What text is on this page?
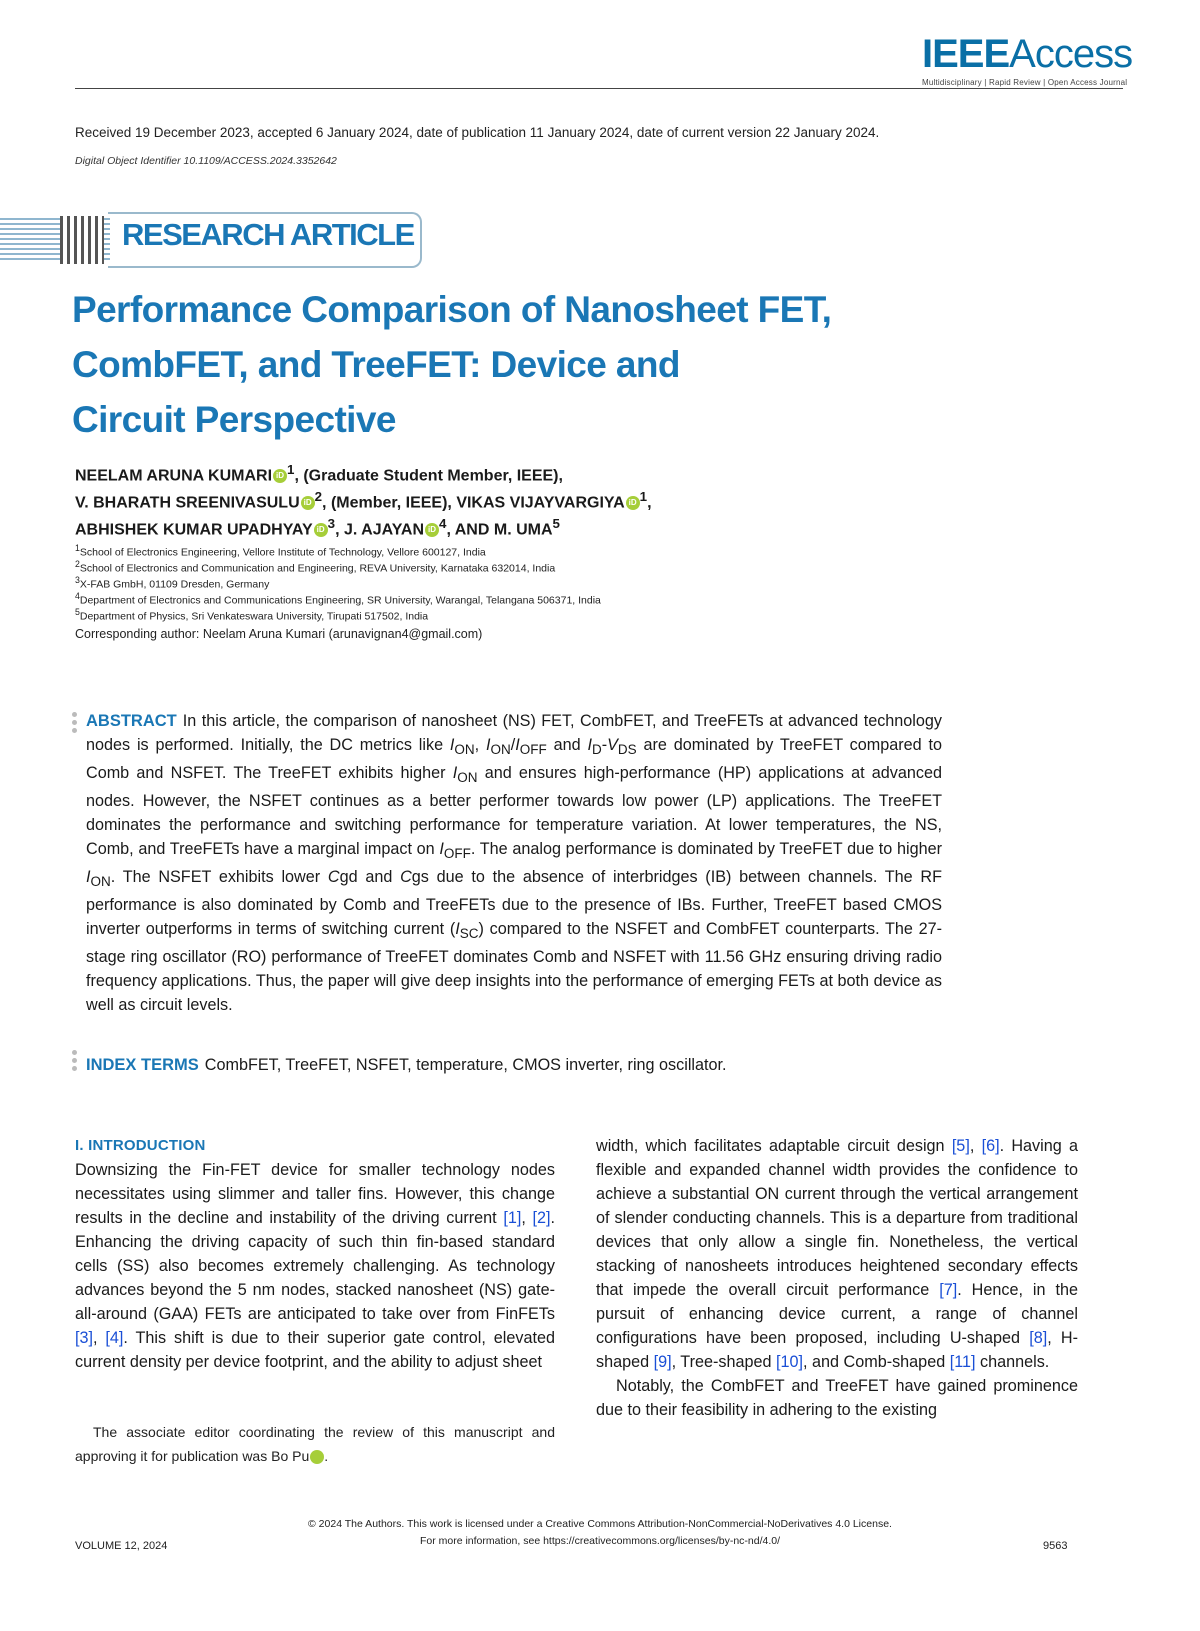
IEEEAccess
Multidisciplinary | Rapid Review | Open Access Journal
Received 19 December 2023, accepted 6 January 2024, date of publication 11 January 2024, date of current version 22 January 2024.
Digital Object Identifier 10.1109/ACCESS.2024.3352642
RESEARCH ARTICLE
Performance Comparison of Nanosheet FET,
CombFET, and TreeFET: Device and
Circuit Perspective
NEELAM ARUNA KUMARI iD $^1$, (Graduate Student Member, IEEE),
V. BHARATH SREENIVASULU iD $^2$, (Member, IEEE), VIKAS VIJAYVARGIYA iD $^1$,
ABHISHEK KUMAR UPADHYAY iD $^3$, J. AJAYAN iD $^4$, AND M. UMA$^5$
$^1$School of Electronics Engineering, Vellore Institute of Technology, Vellore 600127, India
$^2$School of Electronics and Communication and Engineering, REVA University, Karnataka 632014, India
$^3$X-FAB GmbH, 01109 Dresden, Germany
$^4$Department of Electronics and Communications Engineering, SR University, Warangal, Telangana 506371, India
$^5$Department of Physics, Sri Venkateswara University, Tirupati 517502, India
Corresponding author: Neelam Aruna Kumari (arunavignan4@gmail.com)
ABSTRACT In this article, the comparison of nanosheet (NS) FET, CombFET, and TreeFETs at advanced technology nodes is performed. Initially, the DC metrics like $I_{ON}$, $I_{ON}/I_{OFF}$ and $I_D-V_{DS}$ are dominated by TreeFET compared to Comb and NSFET. The TreeFET exhibits higher $I_{ON}$ and ensures high-performance (HP) applications at advanced nodes. However, the NSFET continues as a better performer towards low power (LP) applications. The TreeFET dominates the performance and switching performance for temperature variation. At lower temperatures, the NS, Comb, and TreeFETs have a marginal impact on $I_{OFF}$. The analog performance is dominated by TreeFET due to higher $I_{ON}$. The NSFET exhibits lower Cgd and Cgs due to the absence of interbridges (IB) between channels. The RF performance is also dominated by Comb and TreeFETs due to the presence of IBs. Further, TreeFET based CMOS inverter outperforms in terms of switching current $(I_{SC})$ compared to the NSFET and CombFET counterparts. The 27-stage ring oscillator (RO) performance of TreeFET dominates Comb and NSFET with 11.56 GHz ensuring driving radio frequency applications. Thus, the paper will give deep insights into the performance of emerging FETs at both device as well as circuit levels.
INDEX TERMS CombFET, TreeFET, NSFET, temperature, CMOS inverter, ring oscillator.
I. INTRODUCTION
Downsizing the Fin-FET device for smaller technology nodes necessitates using slimmer and taller fins. However, this change results in the decline and instability of the driving current [1], [2]. Enhancing the driving capacity of such thin fin-based standard cells (SS) also becomes extremely challenging. As technology advances beyond the 5 nm nodes, stacked nanosheet (NS) gate-all-around (GAA) FETs are anticipated to take over from FinFETs [3], [4]. This shift is due to their superior gate control, elevated current density per device footprint, and the ability to adjust sheet
The associate editor coordinating the review of this manuscript and approving it for publication was Bo Pu iD.
width, which facilitates adaptable circuit design [5], [6]. Having a flexible and expanded channel width provides the confidence to achieve a substantial ON current through the vertical arrangement of slender conducting channels. This is a departure from traditional devices that only allow a single fin. Nonetheless, the vertical stacking of nanosheets introduces heightened secondary effects that impede the overall circuit performance [7]. Hence, in the pursuit of enhancing device current, a range of channel configurations have been proposed, including U-shaped [8], H-shaped [9], Tree-shaped [10], and Comb-shaped [11] channels.
Notably, the CombFET and TreeFET have gained prominence due to their feasibility in adhering to the existing
© 2024 The Authors. This work is licensed under a Creative Commons Attribution-NonCommercial-NoDerivatives 4.0 License.
For more information, see https://creativecommons.org/licenses/by-nc-nd/4.0/
VOLUME 12, 2024	9563
